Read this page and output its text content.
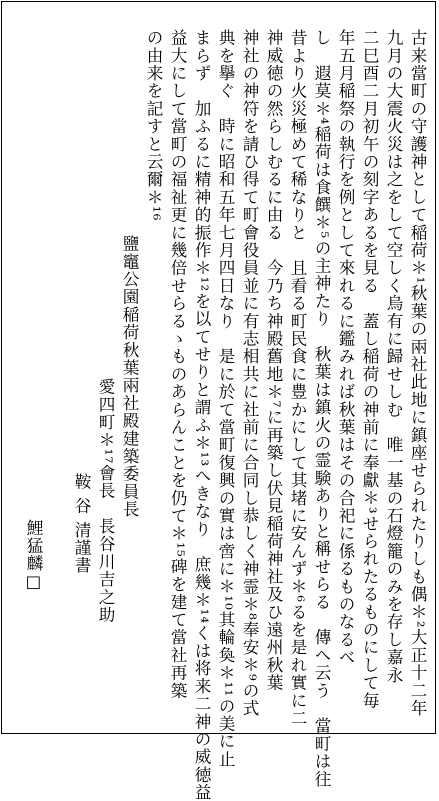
古来當町の守護神として稲荷＊¹秋葉の兩社此地に鎮座せられたりしも偶＊²大正十二年
九月の大震火災は之をして空しく烏有に歸せしむ　唯一基の石燈籠のみを存し嘉永
二巳酉二月初午の刻字あるを見る　蓋し稲荷の神前に奉獻＊³せられたるものにして毎
年五月稲祭の執行を例として來れるに鑑みれば秋葉はその合祀に係るものなるべ
し　遐莫＊⁴稲荷は食饌＊⁵の主神たり　秋葉は鎮火の霊験ありと稱せらる　傳へ云う　當町は往
昔より火災極めて稀なりと　且看る町民食に豊かにして其堵に安んず＊⁶るを是れ實に二
神威徳の然らしむるに由る　今乃ち神殿舊地＊⁷に再築し伏見稲荷神社及ひ遠州秋葉
神社の神符を請ひ得て町會役員並に有志相共に社前に合同し恭しく神霊＊⁸奉安＊⁹の式
典を擧ぐ　時に昭和五年七月四日なり　是に於て當町復興の實は啻に＊¹⁰其輪奐＊¹¹の美に止
まらず　加ふるに精神的振作＊¹²を以てせりと謂ふ＊¹³へきなり　庶幾＊¹⁴くは将来二神の威徳益
益大にして當町の福祉更に幾倍せらるゝものあらんことを仍て＊¹⁵碑を建て當社再築
の由来を記すと云爾＊¹⁶
鹽竈公園稲荷秋葉兩社殿建築委員長
愛四町＊¹⁷會長　長谷川吉之助
鞍 谷 清謹書
鯉猛麟□
